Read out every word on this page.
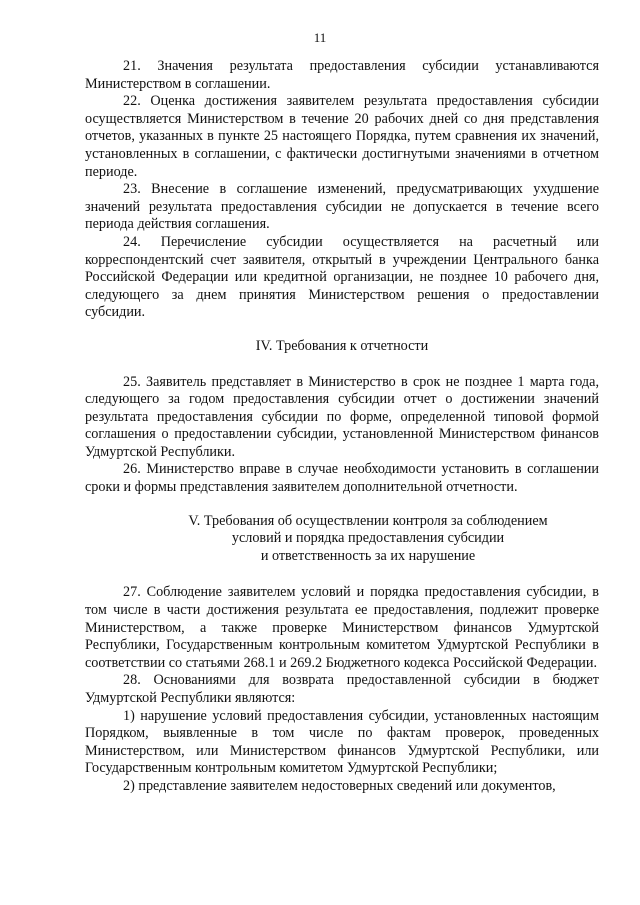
11

21. Значения результата предоставления субсидии устанавливаются Министерством в соглашении.

22. Оценка достижения заявителем результата предоставления субсидии осуществляется Министерством в течение 20 рабочих дней со дня представления отчетов, указанных в пункте 25 настоящего Порядка, путем сравнения их значений, установленных в соглашении, с фактически достигнутыми значениями в отчетном периоде.

23. Внесение в соглашение изменений, предусматривающих ухудшение значений результата предоставления субсидии не допускается в течение всего периода действия соглашения.

24. Перечисление субсидии осуществляется на расчетный или корреспондентский счет заявителя, открытый в учреждении Центрального банка Российской Федерации или кредитной организации, не позднее 10 рабочего дня, следующего за днем принятия Министерством решения о предоставлении субсидии.

IV. Требования к отчетности

25. Заявитель представляет в Министерство в срок не позднее 1 марта года, следующего за годом предоставления субсидии отчет о достижении значений результата предоставления субсидии по форме, определенной типовой формой соглашения о предоставлении субсидии, установленной Министерством финансов Удмуртской Республики.

26. Министерство вправе в случае необходимости установить в соглашении сроки и формы представления заявителем дополнительной отчетности.

V. Требования об осуществлении контроля за соблюдением
условий и порядка предоставления субсидии
и ответственность за их нарушение

27. Соблюдение заявителем условий и порядка предоставления субсидии, в том числе в части достижения результата ее предоставления, подлежит проверке Министерством, а также проверке Министерством финансов Удмуртской Республики, Государственным контрольным комитетом Удмуртской Республики в соответствии со статьями 268.1 и 269.2 Бюджетного кодекса Российской Федерации.

28. Основаниями для возврата предоставленной субсидии в бюджет Удмуртской Республики являются:

1) нарушение условий предоставления субсидии, установленных настоящим Порядком, выявленные в том числе по фактам проверок, проведенных Министерством, или Министерством финансов Удмуртской Республики, или Государственным контрольным комитетом Удмуртской Республики;

2) представление заявителем недостоверных сведений или документов,
